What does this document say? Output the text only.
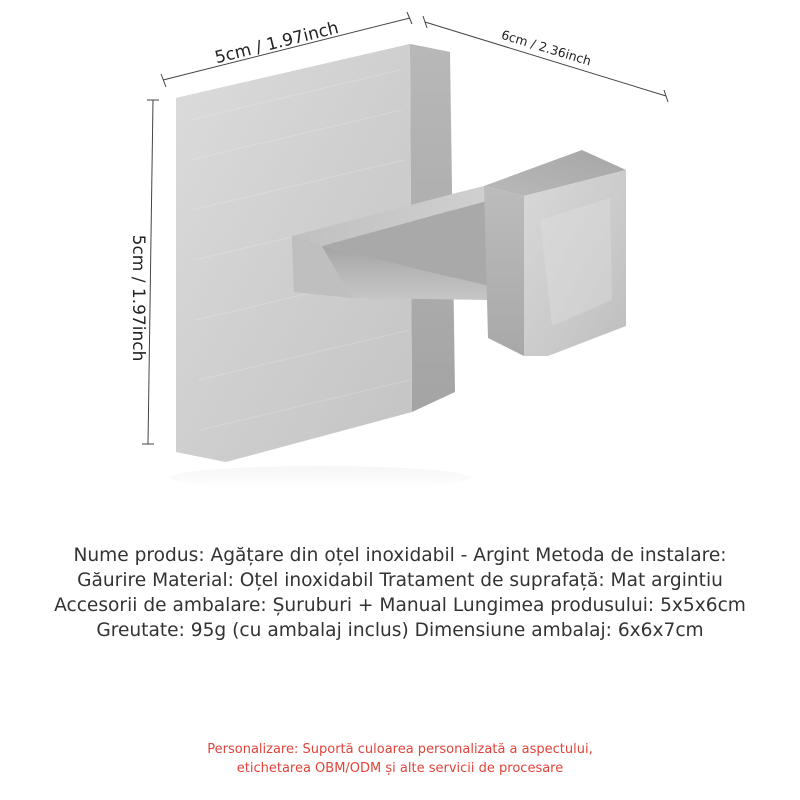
5cm / 1.97inch	6cm / 2.36inch
5cm / 1.97inch
Nume produs: Agățare din oțel inoxidabil - Argint Metoda de instalare:
Găurire Material: Oțel inoxidabil Tratament de suprafață: Mat argintiu
Accesorii de ambalare: Șuruburi + Manual Lungimea produsului: 5x5x6cm
Greutate: 95g (cu ambalaj inclus) Dimensiune ambalaj: 6x6x7cm
Personalizare: Suportă culoarea personalizată a aspectului,
etichetarea OBM/ODM și alte servicii de procesare
